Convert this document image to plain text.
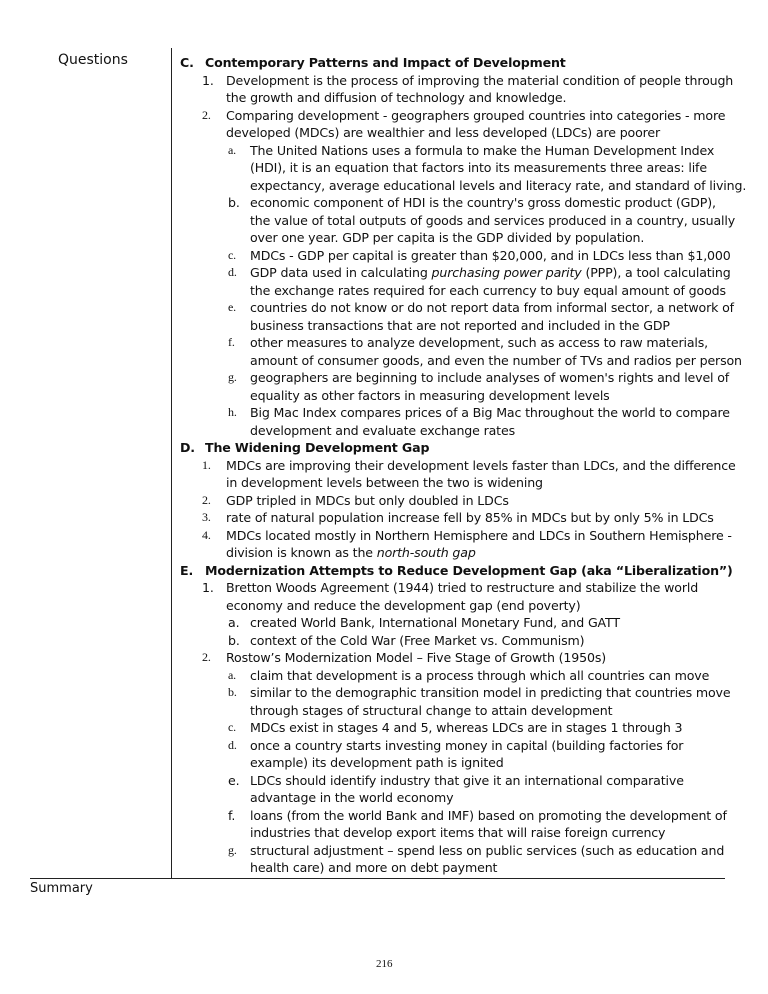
Questions	C. Contemporary Patterns and Impact of Development
1. Development is the process of improving the material condition of people through
the growth and diffusion of technology and knowledge.
2. Comparing development - geographers grouped countries into categories - more
developed (MDCs) are wealthier and less developed (LDCs) are poorer
a. The United Nations uses a formula to make the Human Development Index
(HDI), it is an equation that factors into its measurements three areas: life
expectancy, average educational levels and literacy rate, and standard of living.
b. economic component of HDI is the country's gross domestic product (GDP),
the value of total outputs of goods and services produced in a country, usually
over one year. GDP per capita is the GDP divided by population.
c. MDCs - GDP per capital is greater than $20,000, and in LDCs less than $1,000
d. GDP data used in calculating purchasing power parity (PPP), a tool calculating
the exchange rates required for each currency to buy equal amount of goods
e. countries do not know or do not report data from informal sector, a network of
business transactions that are not reported and included in the GDP
f. other measures to analyze development, such as access to raw materials,
amount of consumer goods, and even the number of TVs and radios per person
g. geographers are beginning to include analyses of women's rights and level of
equality as other factors in measuring development levels
h. Big Mac Index compares prices of a Big Mac throughout the world to compare
development and evaluate exchange rates
D. The Widening Development Gap
1. MDCs are improving their development levels faster than LDCs, and the difference
in development levels between the two is widening
2. GDP tripled in MDCs but only doubled in LDCs
3. rate of natural population increase fell by 85% in MDCs but by only 5% in LDCs
4. MDCs located mostly in Northern Hemisphere and LDCs in Southern Hemisphere -
division is known as the north-south gap
E. Modernization Attempts to Reduce Development Gap (aka “Liberalization”)
1. Bretton Woods Agreement (1944) tried to restructure and stabilize the world
economy and reduce the development gap (end poverty)
a. created World Bank, International Monetary Fund, and GATT
b. context of the Cold War (Free Market vs. Communism)
2. Rostow’s Modernization Model – Five Stage of Growth (1950s)
a. claim that development is a process through which all countries can move
b. similar to the demographic transition model in predicting that countries move
through stages of structural change to attain development
c. MDCs exist in stages 4 and 5, whereas LDCs are in stages 1 through 3
d. once a country starts investing money in capital (building factories for
example) its development path is ignited
e. LDCs should identify industry that give it an international comparative
advantage in the world economy
f. loans (from the world Bank and IMF) based on promoting the development of
industries that develop export items that will raise foreign currency
g. structural adjustment – spend less on public services (such as education and
health care) and more on debt payment
Summary
216
